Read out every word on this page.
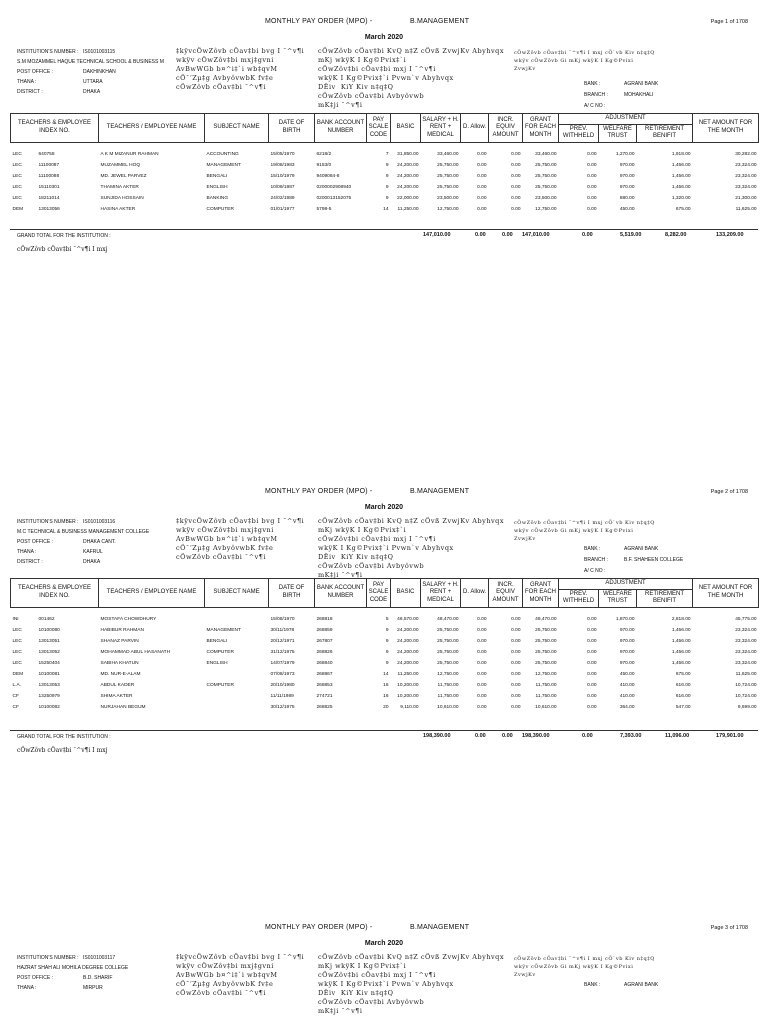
MONTHLY PAY ORDER (MPO) -	B.MANAGEMENT
March 2020
Page 1 of 1708
INSTITUTION'S NUMBER : IS0101003115
S.M MOZAMMEL HAQUE TECHNICAL SCHOOL & BUSINESS M
POST OFFICE :	DAKHINKHAN
THANA :	UTTARA
DISTRICT :	DHAKA
‡kÿvcÖwZôvb cÖav‡bi bvg I ¯^v¶i
wkÿv cÖwZôv‡bi mxj‡gvni
AvBwWGb b¤^i‡`i wb‡qvM
cÖ¯‘Zµ‡g AvbyôvwbK fv‡e
cÖwZôvb cÖav‡bi ¯^v¶i
cÖwZôvb cÖav‡bi KvQ n‡Z cÖvß ZvwjKv Abyhvqx
mKj wkÿK I Kg©Pvix‡`i
cÖwZôv‡bi cÖav‡bi mxj I ¯^v¶i
wkÿK I Kg©Pvix‡`i Pvwn`v Abyhvqx
DËiv  KiY Kiv n‡q‡Q
cÖwZôvb cÖav‡bi Avbyôvwb
mK‡ji ¯^v¶i
cÖwZôvb cÖav‡bi ¯^v¶i I mxj cÖ`vb Kiv n‡q‡Q
wkÿv cÖwZôvb Gi mKj wkÿK I Kg©Pvixi
ZvwjKv
BANK :	AGRANI BANK
BRANCH :	MOHAKHALI
A/ C NO :
TEACHERS & EMPLOYEE INDEX NO.		TEACHERS / EMPLOYEE NAME	SUBJECT NAME	DATE OF BIRTH	BANK ACCOUNT NUMBER	PAY SCALE CODE	BASIC	SALARY + H. RENT + MEDICAL	D. Allow.	INCR. EQUIV AMOUNT	GRANT FOR EACH MONTH	ADJUSTMENT			NET AMOUNT FOR THE MONTH
												PREV. WITHHELD	WELFARE TRUST	RETIREMENT BENIFIT	

LEC	640758	A K M MIZANUR RAHMAN	ACCOUNTING	15/05/1970	6218/2	7	31,850.00	33,460.00	0.00	0.00	33,460.00	0.00	1,270.00	1,918.00	30,282.00
LEC	11100087	MUZAMMEL HOQ	MANAGEMENT	19/08/1983	9153/0	9	24,200.00	25,750.00	0.00	0.00	25,750.00	0.00	970.00	1,456.00	23,324.00
LEC	11100088	MD. JEWEL PARVEZ	BENGALI	15/10/1979	9409084-8	9	24,200.00	25,750.00	0.00	0.00	25,750.00	0.00	970.00	1,456.00	23,324.00
LEC	15110301	THAMINA AKTER	ENGLISH	10/09/1987	0200002908940	9	24,200.00	25,750.00	0.00	0.00	25,750.00	0.00	970.00	1,456.00	23,324.00
LEC	18211014	SUNJIDA HOSSAIN	BANKING	24/02/1989	0200013152075	9	22,000.00	23,500.00	0.00	0.00	23,500.00	0.00	880.00	1,320.00	21,300.00
DEM	13013056	HASINA AKTER	COMPUTER	01/01/1977	5798-5	14	11,250.00	12,750.00	0.00	0.00	12,750.00	0.00	450.00	675.00	11,625.00
GRAND TOTAL FOR THE INSTITUTION :	147,010.00	0.00	0.00 147,010.00	0.00	5,519.00	8,282.00	133,209.00
cÖwZôvb cÖav‡bi ¯^v¶i I mxj
MONTHLY PAY ORDER (MPO) -	B.MANAGEMENT
March 2020
Page 2 of 1708
INSTITUTION'S NUMBER : IS0101003116
M.C TECHNICAL & BUSINESS MANAGEMENT COLLEGE
POST OFFICE :	DHAKA CANT.
THANA :	KAFRUL
DISTRICT :	DHAKA
‡kÿvcÖwZôvb cÖav‡bi bvg I ¯^v¶i
wkÿv cÖwZôv‡bi mxj‡gvni
AvBwWGb b¤^i‡`i wb‡qvM
cÖ¯‘Zµ‡g AvbyôvwbK fv‡e
cÖwZôvb cÖav‡bi ¯^v¶i
cÖwZôvb cÖav‡bi KvQ n‡Z cÖvß ZvwjKv Abyhvqx
mKj wkÿK I Kg©Pvix‡`i
cÖwZôv‡bi cÖav‡bi mxj I ¯^v¶i
wkÿK I Kg©Pvix‡`i Pvwn`v Abyhvqx
DËiv  KiY Kiv n‡q‡Q
cÖwZôvb cÖav‡bi Avbyôvwb
mK‡ji ¯^v¶i
cÖwZôvb cÖav‡bi ¯^v¶i I mxj cÖ`vb Kiv n‡q‡Q
wkÿv cÖwZôvb Gi mKj wkÿK I Kg©Pvixi
ZvwjKv
BANK :	AGRANI BANK
BRANCH :	B.F. SHAHEEN COLLEGE
A/ C NO :
TEACHERS & EMPLOYEE INDEX NO.		TEACHERS / EMPLOYEE NAME	SUBJECT NAME	DATE OF BIRTH	BANK ACCOUNT NUMBER	PAY SCALE CODE	BASIC	SALARY + H. RENT + MEDICAL	D. Allow.	INCR. EQUIV AMOUNT	GRANT FOR EACH MONTH	ADJUSTMENT			NET AMOUNT FOR THE MONTH
												PREV. WITHHELD	WELFARE TRUST	RETIREMENT BENIFIT	

INI	001462	MOSTAFA CHOWDHURY		15/08/1970	268818	5	46,570.00	48,470.00	0.00	0.00	48,470.00	0.00	1,870.00	2,818.00	45,775.00
LEC	10100080	HABIBUR RAHMAN	MANAGEMENT	30/11/1978	268859	9	24,200.00	25,750.00	0.00	0.00	25,750.00	0.00	970.00	1,456.00	23,324.00
LEC	13013051	SHANAZ PARVIN	BENGALI	20/12/1971	267807	9	24,200.00	25,750.00	0.00	0.00	25,750.00	0.00	970.00	1,456.00	23,324.00
LEC	13013052	MOHAMMAD ABUL HASANATH	COMPUTER	31/12/1975	268826	9	24,200.00	25,750.00	0.00	0.00	25,750.00	0.00	970.00	1,456.00	23,324.00
LEC	15250404	SABIHA KHATUN	ENGLISH	14/07/1979	268840	9	24,200.00	25,750.00	0.00	0.00	25,750.00	0.00	970.00	1,456.00	23,324.00
DEM	10100081	MD. NUR-E-ALAM		07/08/1973	268867	14	11,250.00	12,750.00	0.00	0.00	12,750.00	0.00	450.00	675.00	11,625.00
L.A.	13013053	ABDUL KADER	COMPUTER	20/10/1980	268853	16	10,200.00	11,750.00	0.00	0.00	11,750.00	0.00	410.00	616.00	10,724.00
CF	13250979	SHIMA AKTER		11/11/1989	274721	16	10,200.00	11,750.00	0.00	0.00	11,750.00	0.00	410.00	616.00	10,724.00
CF	10100082	NURJAHAN BEGUM		30/12/1975	268825	20	9,110.00	10,610.00	0.00	0.00	10,610.00	0.00	364.00	547.00	9,699.00
GRAND TOTAL FOR THE INSTITUTION :	198,390.00	0.00	0.00 198,390.00	0.00	7,393.00	11,096.00	179,901.00
cÖwZôvb cÖav‡bi ¯^v¶i I mxj
MONTHLY PAY ORDER (MPO) -	B.MANAGEMENT
March 2020
Page 3 of 1708
INSTITUTION'S NUMBER : IS0101003117
HAZRAT SHAH ALI MOHILA DEGREE COLLEGE
POST OFFICE :	B.D. SHARIF
THANA :	MIRPUR
‡kÿvcÖwZôvb cÖav‡bi bvg I ¯^v¶i
wkÿv cÖwZôv‡bi mxj‡gvni
AvBwWGb b¤^i‡`i wb‡qvM
cÖ¯‘Zµ‡g AvbyôvwbK fv‡e
cÖwZôvb cÖav‡bi ¯^v¶i
cÖwZôvb cÖav‡bi KvQ n‡Z cÖvß ZvwjKv Abyhvqx
mKj wkÿK I Kg©Pvix‡`i
cÖwZôv‡bi cÖav‡bi mxj I ¯^v¶i
wkÿK I Kg©Pvix‡`i Pvwn`v Abyhvqx
DËiv  KiY Kiv n‡q‡Q
cÖwZôvb cÖav‡bi Avbyôvwb
mK‡ji ¯^v¶i
cÖwZôvb cÖav‡bi ¯^v¶i I mxj cÖ`vb Kiv n‡q‡Q
wkÿv cÖwZôvb Gi mKj wkÿK I Kg©Pvixi
ZvwjKv
BANK :	AGRANI BANK
